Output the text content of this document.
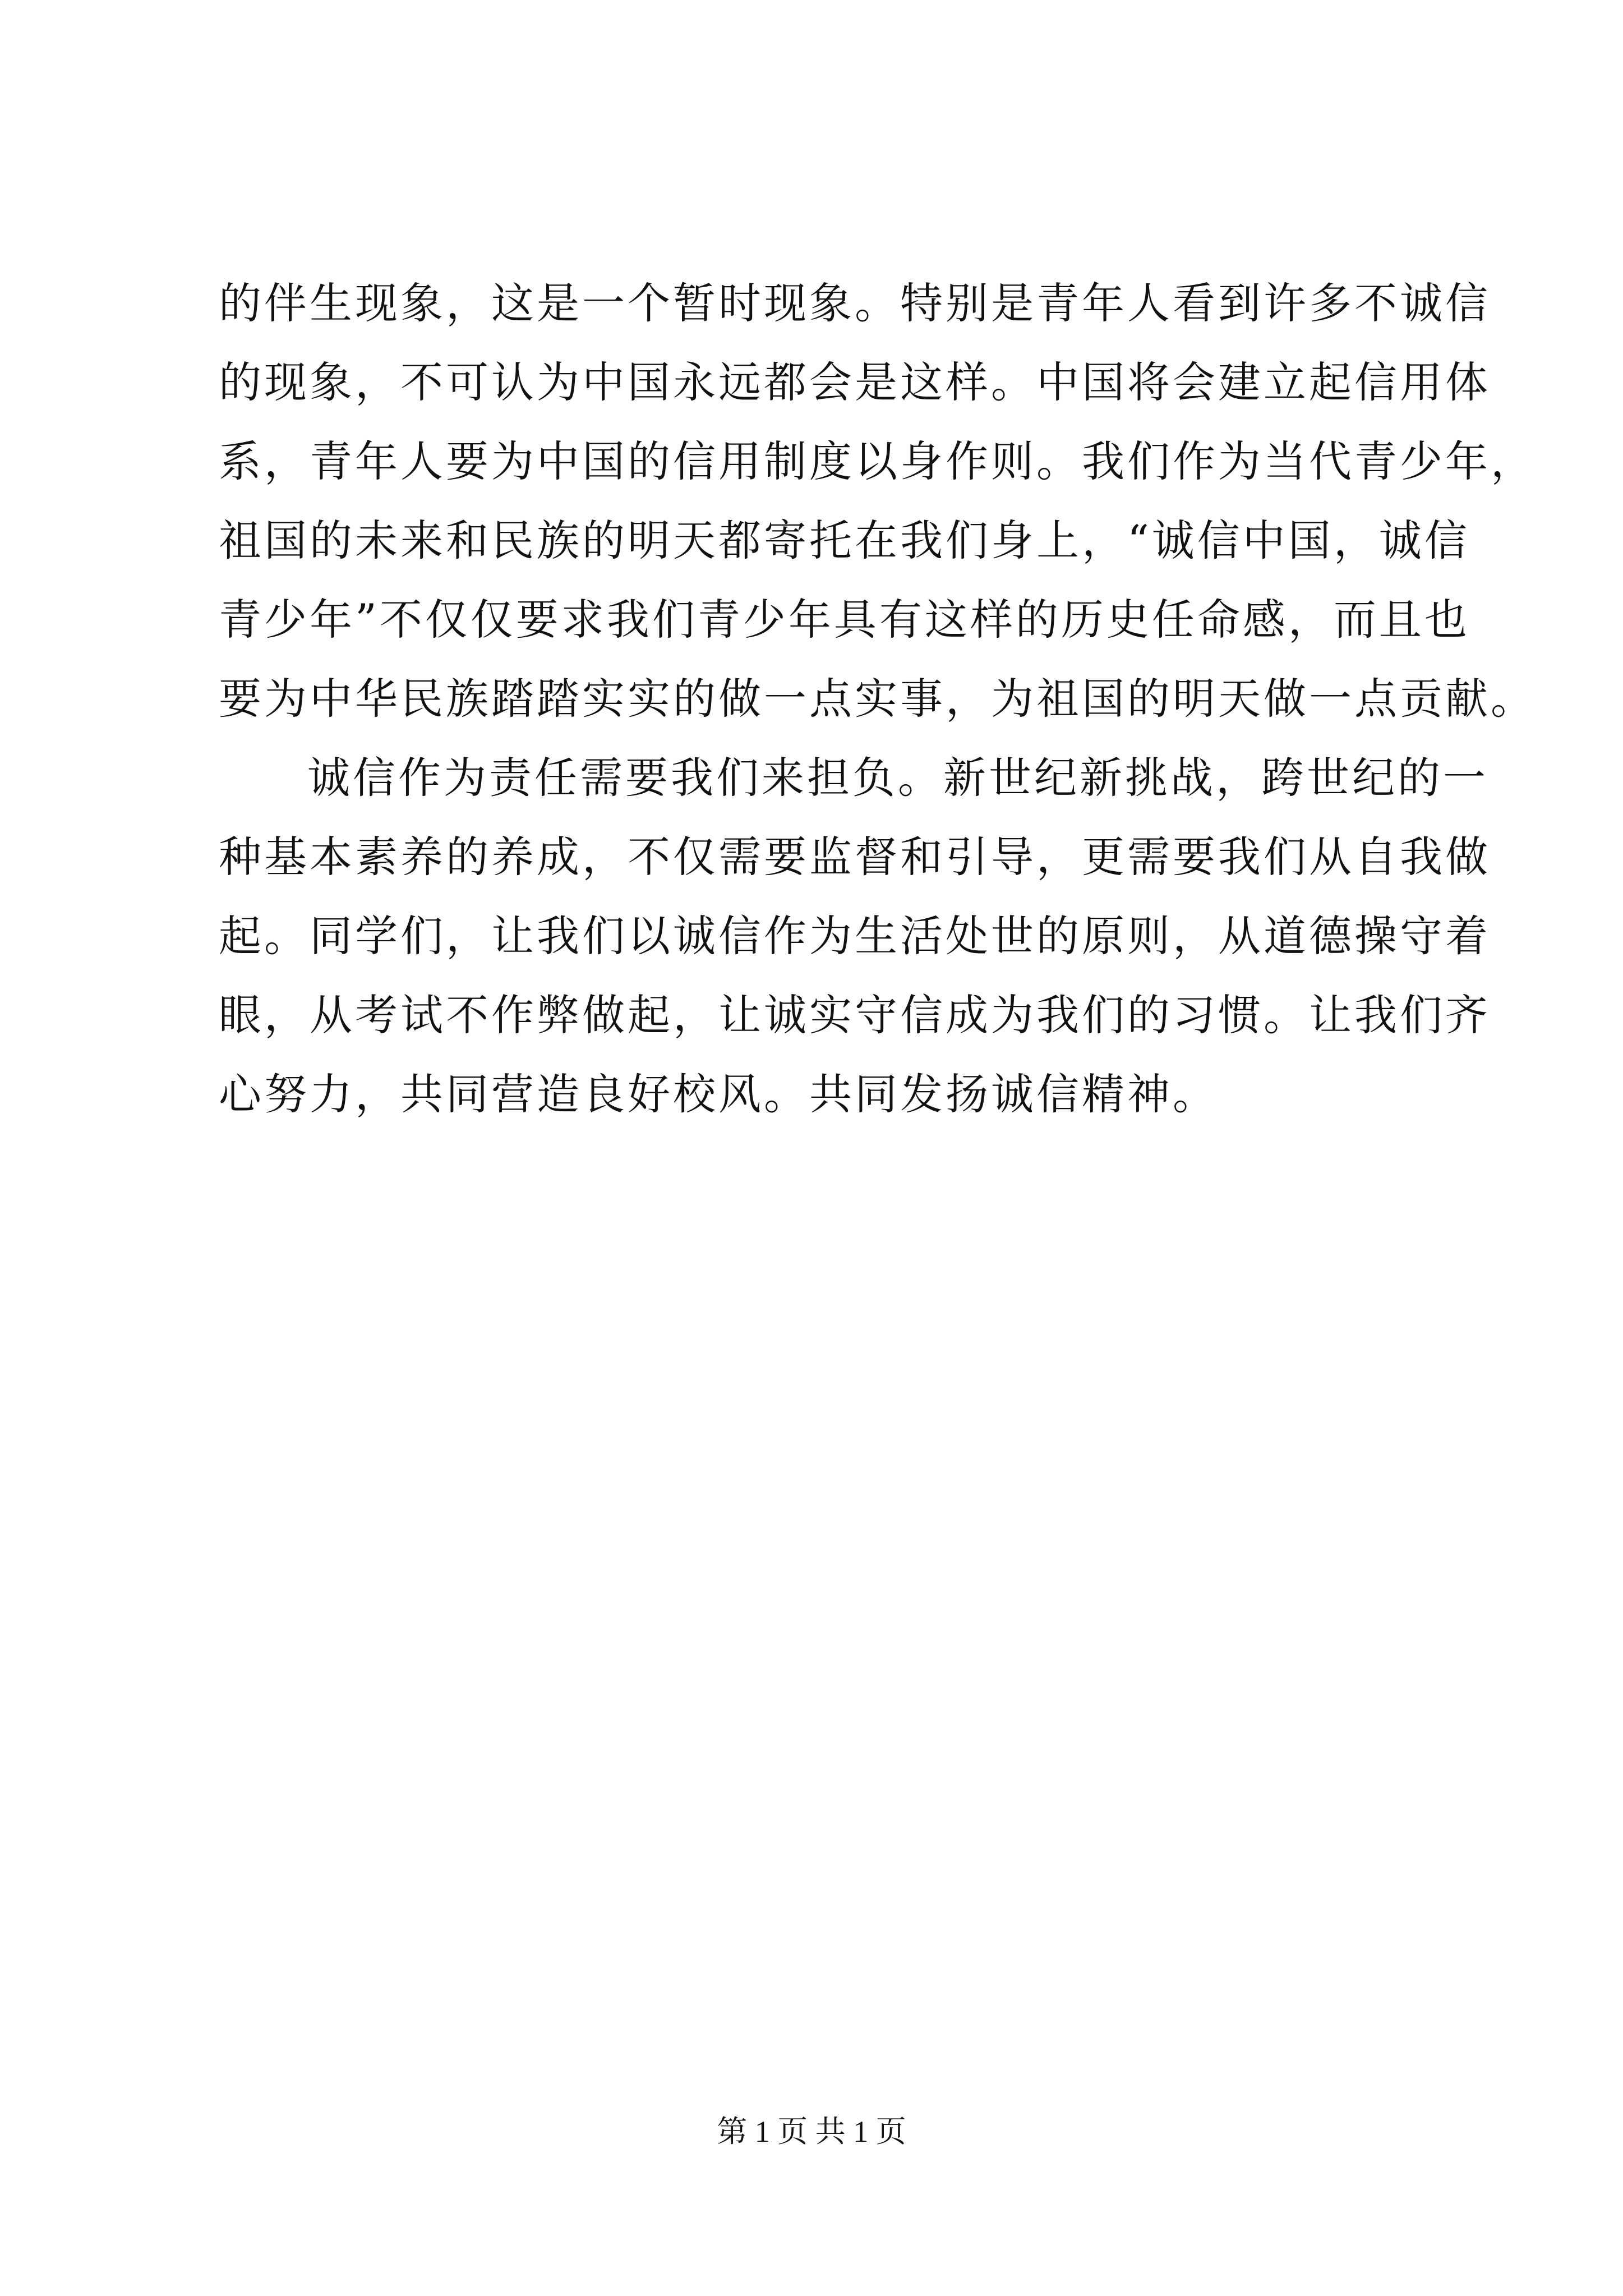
的伴生现象，这是一个暂时现象。特别是青年人看到许多不诚信
的现象，不可认为中国永远都会是这样。中国将会建立起信用体
系，青年人要为中国的信用制度以身作则。我们作为当代青少年，
祖国的未来和民族的明天都寄托在我们身上，“诚信中国，诚信
青少年”不仅仅要求我们青少年具有这样的历史任命感，而且也
要为中华民族踏踏实实的做一点实事，为祖国的明天做一点贡献。
诚信作为责任需要我们来担负。新世纪新挑战，跨世纪的一
种基本素养的养成，不仅需要监督和引导，更需要我们从自我做
起。同学们，让我们以诚信作为生活处世的原则，从道德操守着
眼，从考试不作弊做起，让诚实守信成为我们的习惯。让我们齐
心努力，共同营造良好校风。共同发扬诚信精神。
第 1 页 共 1 页
